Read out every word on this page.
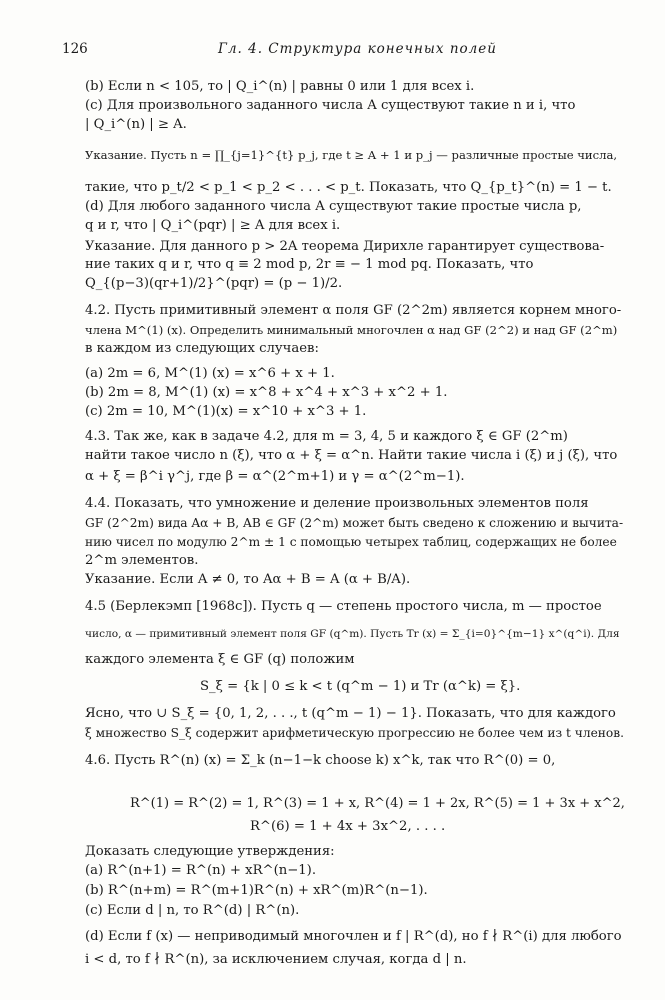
126	Гл. 4. Структура конечных полей
(b) Если n < 105, то | Q_i^(n) | равны 0 или 1 для всех i.
(c) Для произвольного заданного числа A существуют такие n и i, что
| Q_i^(n) | ≥ A.
Указание. Пусть n = ∏_{j=1}^{t} p_j, где t ≥ A + 1 и p_j — различные простые числа,
такие, что p_t/2 < p_1 < p_2 < . . . < p_t. Показать, что Q_{p_t}^(n) = 1 − t.
(d) Для любого заданного числа A существуют такие простые числа p,
q и r, что | Q_i^(pqr) | ≥ A для всех i.
Указание. Для данного p > 2A теорема Дирихле гарантирует существова-
ние таких q и r, что q ≡ 2 mod p, 2r ≡ − 1 mod pq. Показать, что
Q_{(p−3)(qr+1)/2}^(pqr) = (p − 1)/2.
4.2. Пусть примитивный элемент α поля GF (2^2m) является корнем много-
члена M^(1) (x). Определить минимальный многочлен α над GF (2^2) и над GF (2^m)
в каждом из следующих случаев:
(a) 2m = 6, M^(1) (x) = x^6 + x + 1.
(b) 2m = 8, M^(1) (x) = x^8 + x^4 + x^3 + x^2 + 1.
(c) 2m = 10, M^(1)(x) = x^10 + x^3 + 1.
4.3. Так же, как в задаче 4.2, для m = 3, 4, 5 и каждого ξ ∈ GF (2^m)
найти такое число n (ξ), что α + ξ = α^n. Найти такие числа i (ξ) и j (ξ), что
α + ξ = β^i γ^j, где β = α^(2^m+1) и γ = α^(2^m−1).
4.4. Показать, что умножение и деление произвольных элементов поля
GF (2^2m) вида Aα + B, AB ∈ GF (2^m) может быть сведено к сложению и вычита-
нию чисел по модулю 2^m ± 1 с помощью четырех таблиц, содержащих не более
2^m элементов.
Указание. Если A ≠ 0, то Aα + B = A (α + B/A).
4.5 (Берлекэмп [1968c]). Пусть q — степень простого числа, m — простое
число, α — примитивный элемент поля GF (q^m). Пусть Tr (x) = Σ_{i=0}^{m−1} x^(q^i). Для
каждого элемента ξ ∈ GF (q) положим
S_ξ = {k | 0 ≤ k < t (q^m − 1) и Tr (α^k) = ξ}.
Ясно, что ∪ S_ξ = {0, 1, 2, . . ., t (q^m − 1) − 1}. Показать, что для каждого
ξ множество S_ξ содержит арифметическую прогрессию не более чем из t членов.
4.6. Пусть R^(n) (x) = Σ_k (n−1−k choose k) x^k, так что R^(0) = 0,
R^(1) = R^(2) = 1, R^(3) = 1 + x, R^(4) = 1 + 2x, R^(5) = 1 + 3x + x^2,
R^(6) = 1 + 4x + 3x^2, . . . .
Доказать следующие утверждения:
(a) R^(n+1) = R^(n) + xR^(n−1).
(b) R^(n+m) = R^(m+1)R^(n) + xR^(m)R^(n−1).
(c) Если d | n, то R^(d) | R^(n).
(d) Если f (x) — неприводимый многочлен и f | R^(d), но f ∤ R^(i) для любого
i < d, то f ∤ R^(n), за исключением случая, когда d | n.
